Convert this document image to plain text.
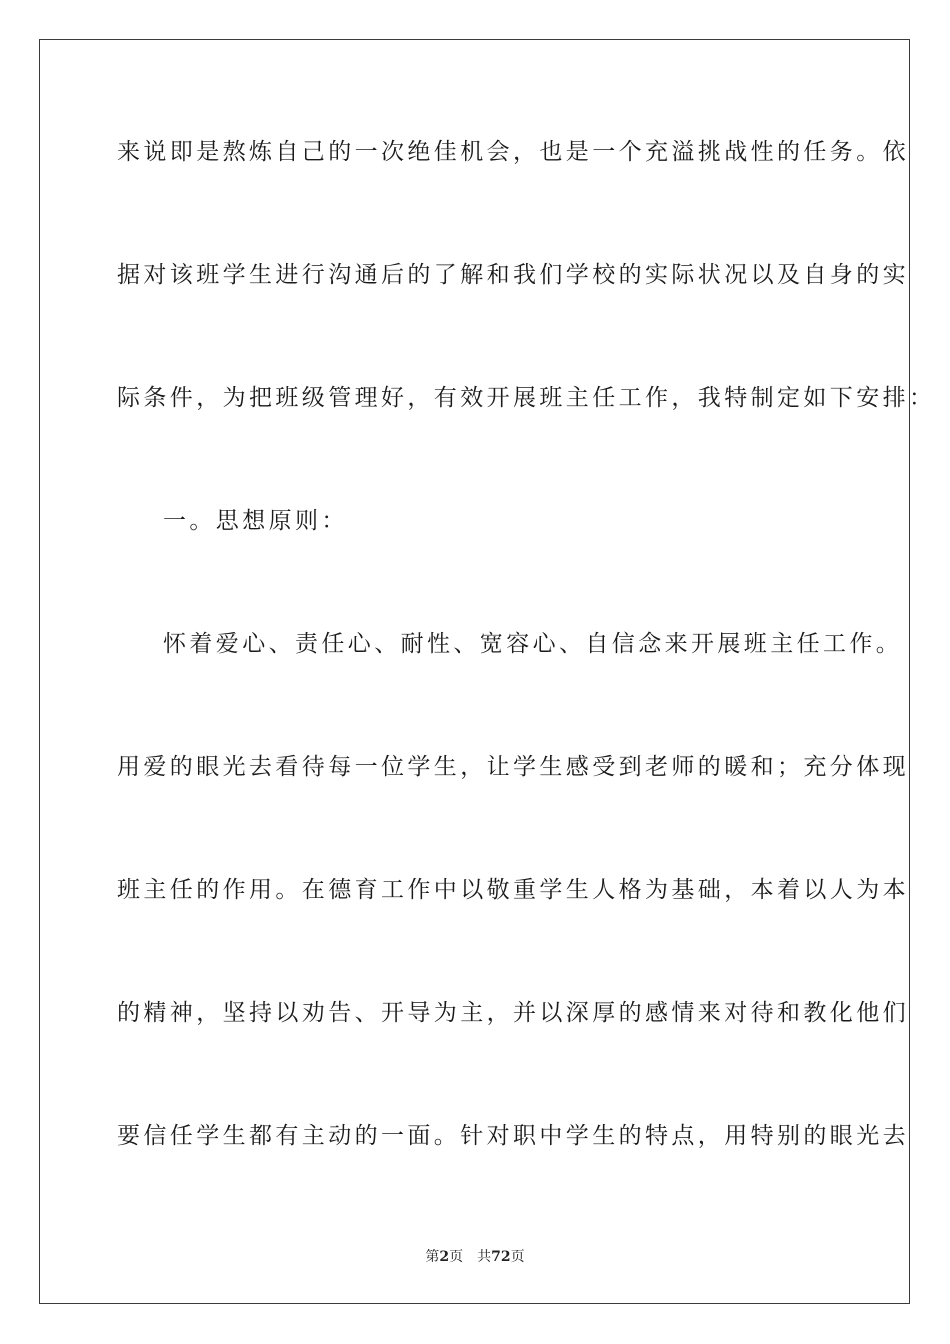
来说即是熬炼自己的一次绝佳机会，也是一个充溢挑战性的任务。依
据对该班学生进行沟通后的了解和我们学校的实际状况以及自身的实
际条件，为把班级管理好，有效开展班主任工作，我特制定如下安排：
一。思想原则：
怀着爱心、责任心、耐性、宽容心、自信念来开展班主任工作。
用爱的眼光去看待每一位学生，让学生感受到老师的暖和；充分体现
班主任的作用。在德育工作中以敬重学生人格为基础，本着以人为本
的精神，坚持以劝告、开导为主，并以深厚的感情来对待和教化他们
要信任学生都有主动的一面。针对职中学生的特点，用特别的眼光去
第2页 共72页
